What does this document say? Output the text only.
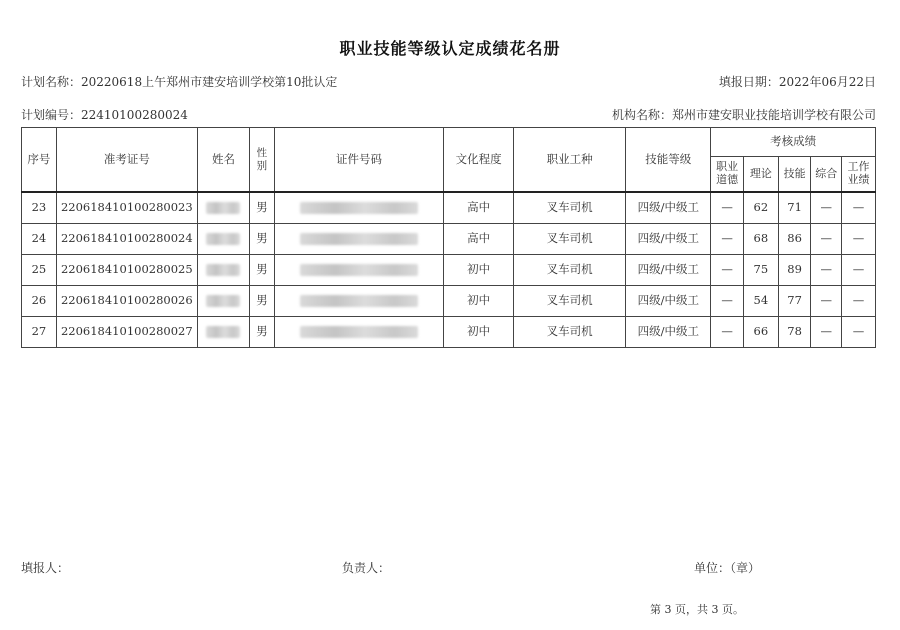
职业技能等级认定成绩花名册
计划名称：20220618上午郑州市建安培训学校第10批认定	填报日期：2022年06月22日
计划编号：22410100280024	机构名称：郑州市建安职业技能培训学校有限公司
序号	准考证号	姓名	性别	证件号码	文化程度	职业工种	技能等级	考核成绩				
								职业道德	理论	技能	综合	工作业绩
23	220618410100280023		男		高中	叉车司机	四级/中级工	—	62	71	—	—
24	220618410100280024		男		高中	叉车司机	四级/中级工	—	68	86	—	—
25	220618410100280025		男		初中	叉车司机	四级/中级工	—	75	89	—	—
26	220618410100280026		男		初中	叉车司机	四级/中级工	—	54	77	—	—
27	220618410100280027		男		初中	叉车司机	四级/中级工	—	66	78	—	—
填报人：	负责人：	单位：（章）
第 3 页，共 3 页。
